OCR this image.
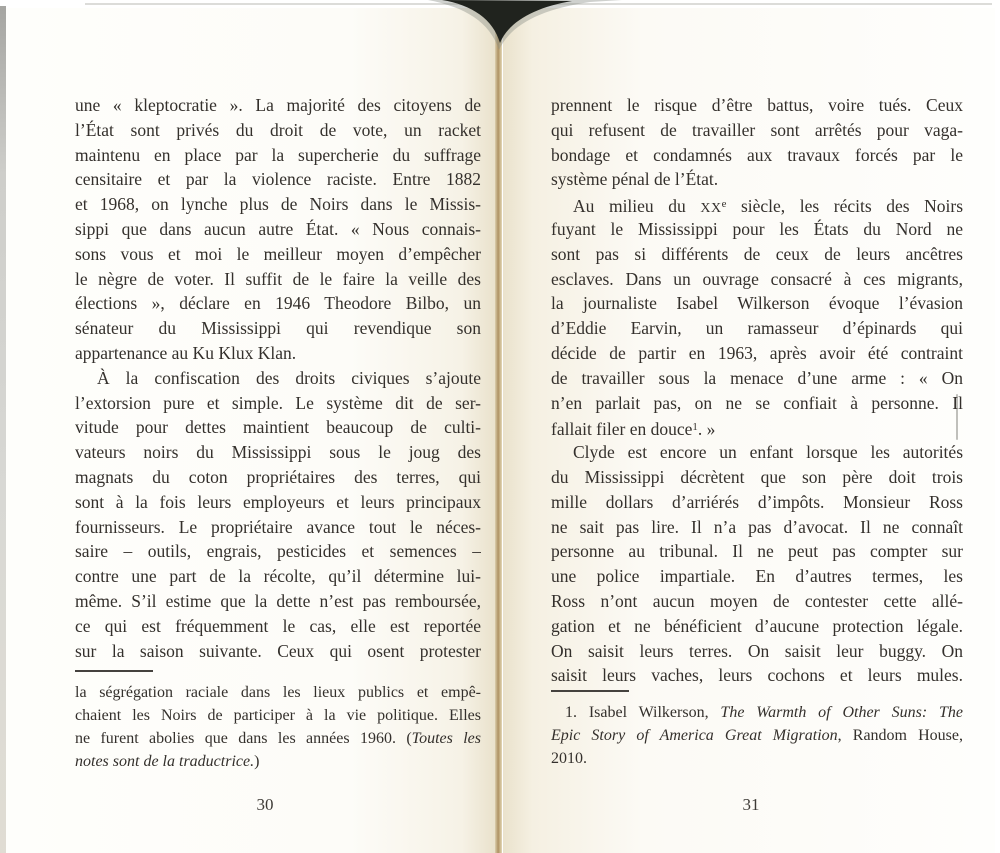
une « kleptocratie ». La majorité des citoyens de
l’État sont privés du droit de vote, un racket
maintenu en place par la supercherie du suffrage
censitaire et par la violence raciste. Entre 1882
et 1968, on lynche plus de Noirs dans le Missis-
sippi que dans aucun autre État. « Nous connais-
sons vous et moi le meilleur moyen d’empêcher
le nègre de voter. Il suffit de le faire la veille des
élections », déclare en 1946 Theodore Bilbo, un
sénateur du Mississippi qui revendique son
appartenance au Ku Klux Klan.
À la confiscation des droits civiques s’ajoute
l’extorsion pure et simple. Le système dit de ser-
vitude pour dettes maintient beaucoup de culti-
vateurs noirs du Mississippi sous le joug des
magnats du coton propriétaires des terres, qui
sont à la fois leurs employeurs et leurs principaux
fournisseurs. Le propriétaire avance tout le néces-
saire – outils, engrais, pesticides et semences –
contre une part de la récolte, qu’il détermine lui-
même. S’il estime que la dette n’est pas remboursée,
ce qui est fréquemment le cas, elle est reportée
sur la saison suivante. Ceux qui osent protester
la ségrégation raciale dans les lieux publics et empê-
chaient les Noirs de participer à la vie politique. Elles
ne furent abolies que dans les années 1960. (Toutes les
notes sont de la traductrice.)
30
prennent le risque d’être battus, voire tués. Ceux
qui refusent de travailler sont arrêtés pour vaga-
bondage et condamnés aux travaux forcés par le
système pénal de l’État.
Au milieu du XXe siècle, les récits des Noirs
fuyant le Mississippi pour les États du Nord ne
sont pas si différents de ceux de leurs ancêtres
esclaves. Dans un ouvrage consacré à ces migrants,
la journaliste Isabel Wilkerson évoque l’évasion
d’Eddie Earvin, un ramasseur d’épinards qui
décide de partir en 1963, après avoir été contraint
de travailler sous la menace d’une arme : « On
n’en parlait pas, on ne se confiait à personne. Il
fallait filer en douce$^1$. »
Clyde est encore un enfant lorsque les autorités
du Mississippi décrètent que son père doit trois
mille dollars d’arriérés d’impôts. Monsieur Ross
ne sait pas lire. Il n’a pas d’avocat. Il ne connaît
personne au tribunal. Il ne peut pas compter sur
une police impartiale. En d’autres termes, les
Ross n’ont aucun moyen de contester cette allé-
gation et ne bénéficient d’aucune protection légale.
On saisit leurs terres. On saisit leur buggy. On
saisit leurs vaches, leurs cochons et leurs mules.
1. Isabel Wilkerson, The Warmth of Other Suns: The
Epic Story of America Great Migration, Random House,
2010.
31
